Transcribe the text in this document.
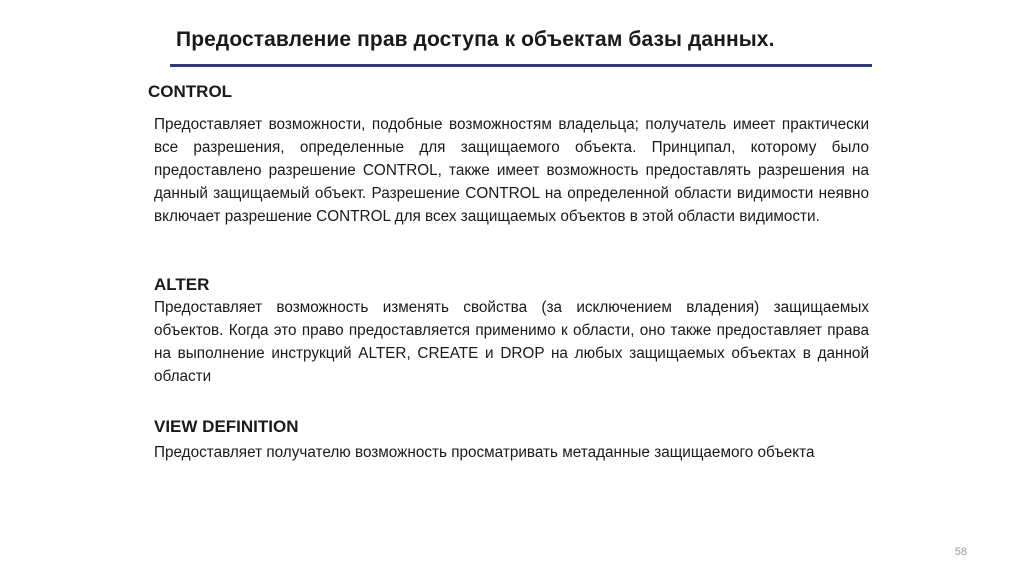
Предоставление прав доступа к объектам базы данных.
CONTROL

Предоставляет возможности, подобные возможностям владельца; получатель имеет практически все разрешения, определенные для защищаемого объекта. Принципал, которому было предоставлено разрешение CONTROL, также имеет возможность предоставлять разрешения на данный защищаемый объект. Разрешение CONTROL на определенной области видимости неявно включает разрешение CONTROL для всех защищаемых объектов в этой области видимости.

ALTER

Предоставляет возможность изменять свойства (за исключением владения) защищаемых объектов. Когда это право предоставляется применимо к области, оно также предоставляет права на выполнение инструкций ALTER, CREATE и DROP на любых защищаемых объектах в данной области

VIEW DEFINITION

Предоставляет получателю возможность просматривать метаданные защищаемого объекта

58
